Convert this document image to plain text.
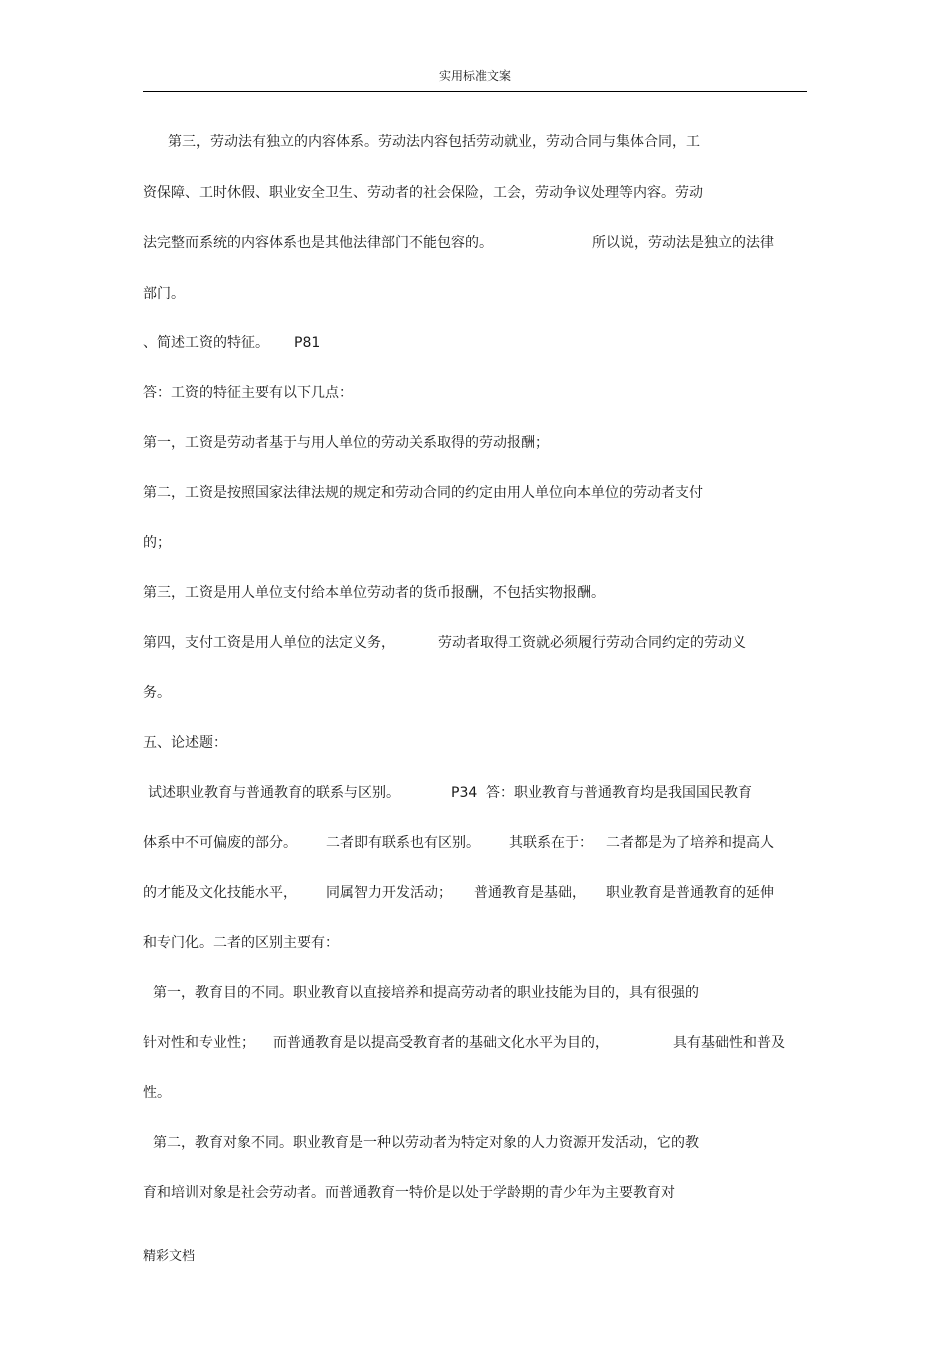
实用标准文案
第三，劳动法有独立的内容体系。劳动法内容包括劳动就业，劳动合同与集体合同，工
资保障、工时休假、职业安全卫生、劳动者的社会保险，工会，劳动争议处理等内容。劳动
法完整而系统的内容体系也是其他法律部门不能包容的。	所以说，劳动法是独立的法律
部门。
、简述工资的特征。 P81
答：工资的特征主要有以下几点：
第一，工资是劳动者基于与用人单位的劳动关系取得的劳动报酬；
第二，工资是按照国家法律法规的规定和劳动合同的约定由用人单位向本单位的劳动者支付
的；
第三，工资是用人单位支付给本单位劳动者的货币报酬，不包括实物报酬。
第四，支付工资是用人单位的法定义务，	劳动者取得工资就必须履行劳动合同约定的劳动义
务。
五、论述题：
试述职业教育与普通教育的联系与区别。	P34 答：职业教育与普通教育均是我国国民教育
体系中不可偏废的部分。 二者即有联系也有区别。 其联系在于： 二者都是为了培养和提高人
的才能及文化技能水平， 同属智力开发活动； 普通教育是基础， 职业教育是普通教育的延伸
和专门化。二者的区别主要有：
第一，教育目的不同。职业教育以直接培养和提高劳动者的职业技能为目的，具有很强的
针对性和专业性； 而普通教育是以提高受教育者的基础文化水平为目的，	具有基础性和普及
性。
第二，教育对象不同。职业教育是一种以劳动者为特定对象的人力资源开发活动，它的教
育和培训对象是社会劳动者。而普通教育一特价是以处于学龄期的青少年为主要教育对
精彩文档
